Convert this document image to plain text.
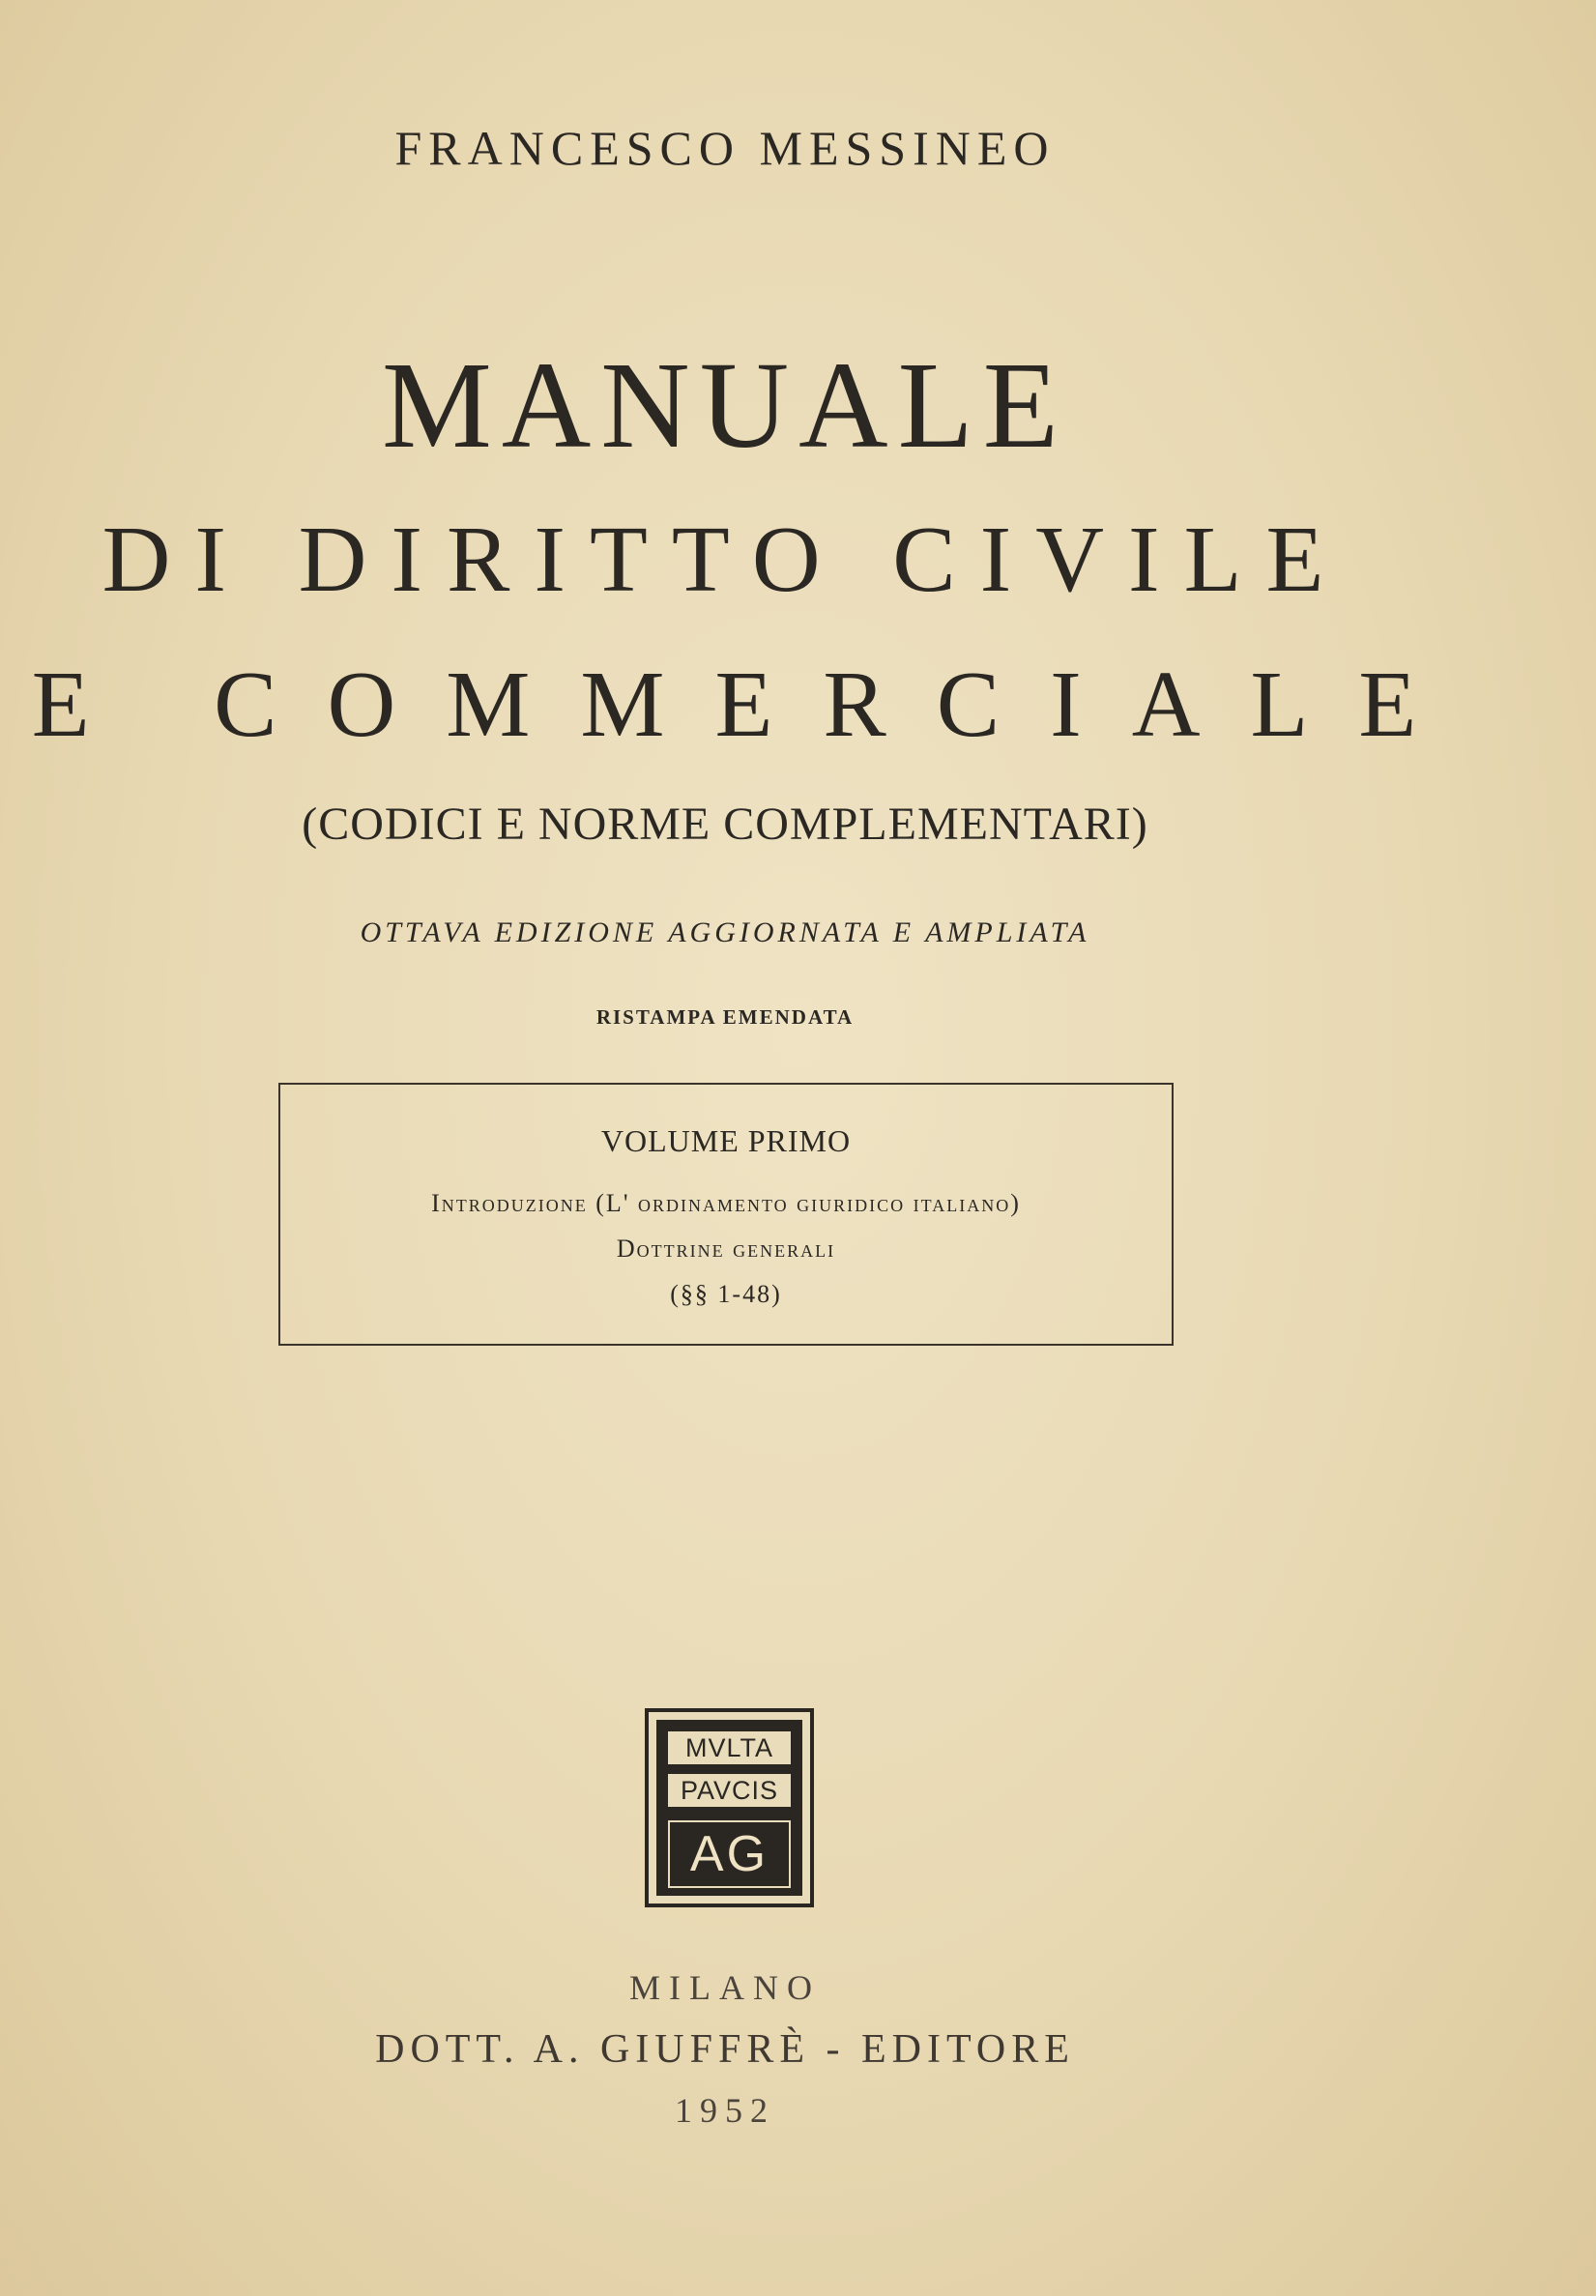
FRANCESCO MESSINEO
MANUALE
DI DIRITTO CIVILE
E COMMERCIALE
(CODICI E NORME COMPLEMENTARI)
OTTAVA EDIZIONE AGGIORNATA E AMPLIATA
RISTAMPA EMENDATA
VOLUME PRIMO
Introduzione (L' ordinamento giuridico italiano)
Dottrine generali
(§§ 1-48)
MVLTA
PAVCIS
AG
MILANO
DOTT. A. GIUFFRÈ - EDITORE
1952
